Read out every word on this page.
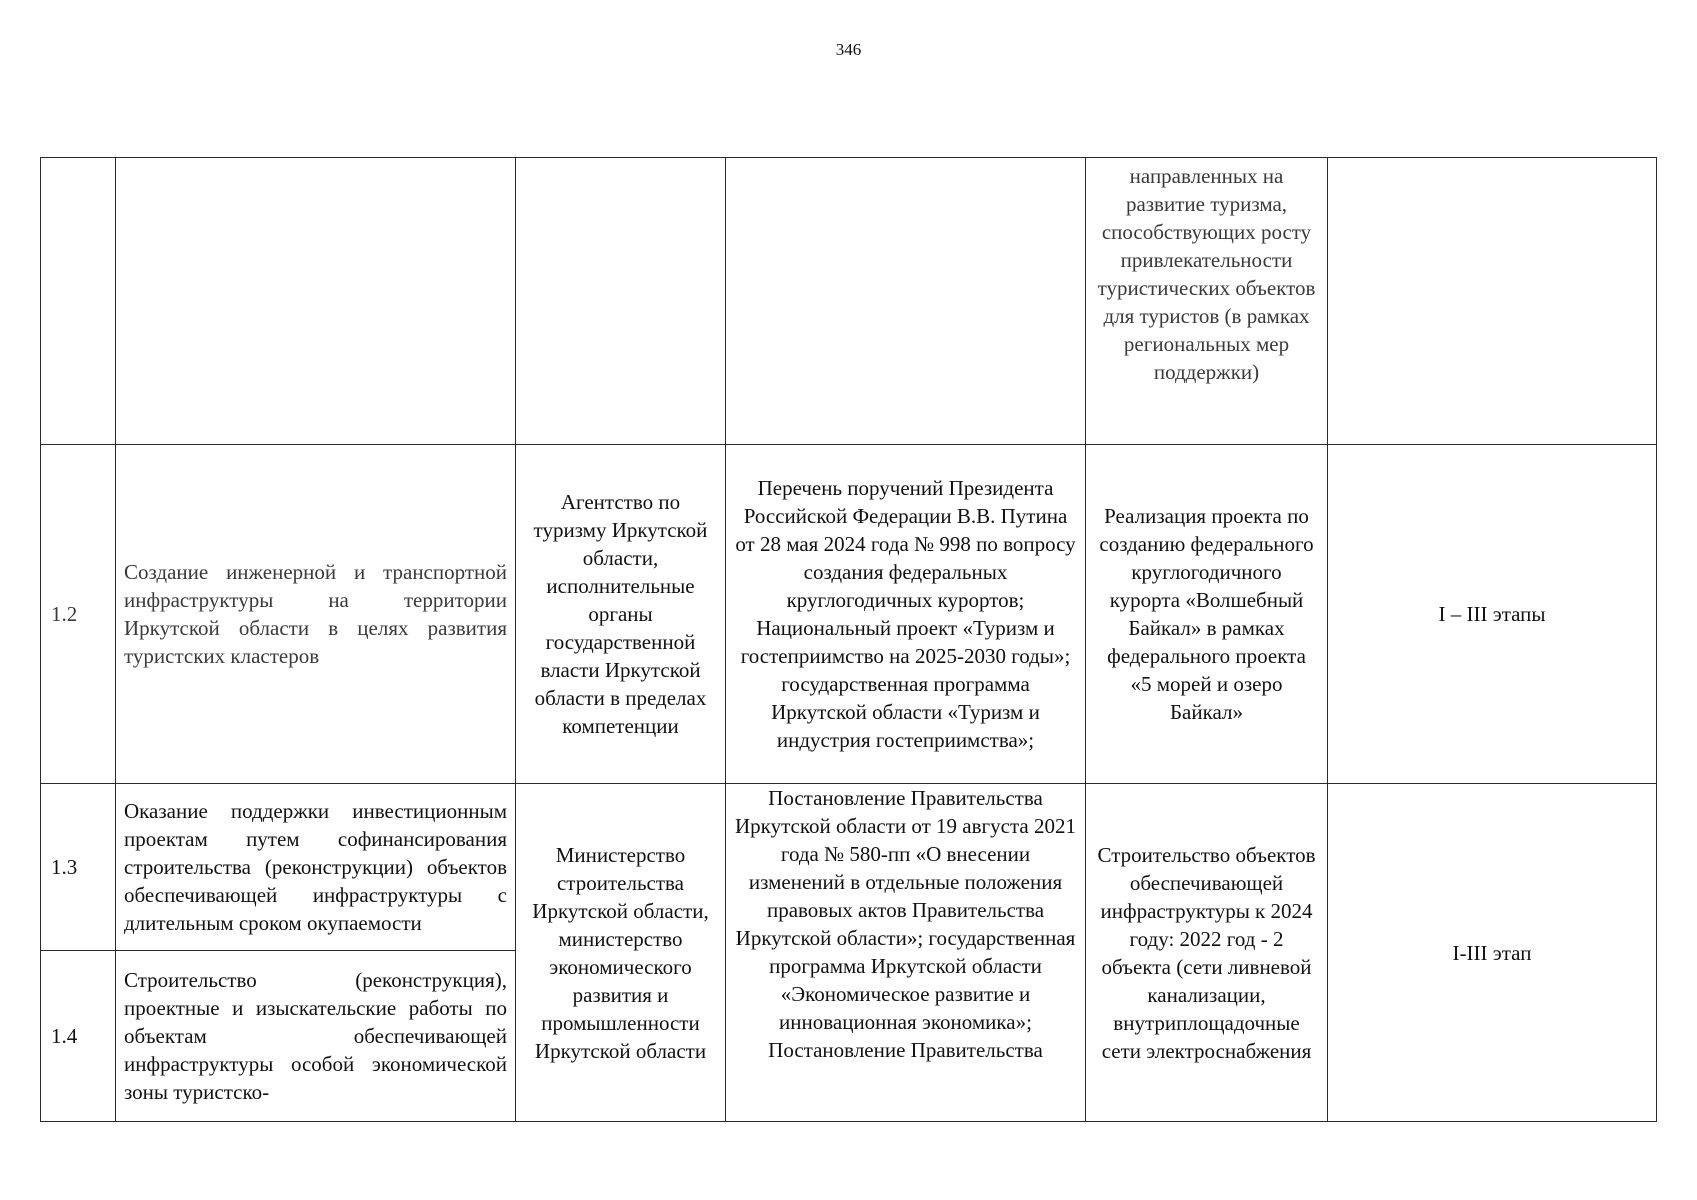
346
				направленных на развитие туризма, способствующих росту привлекательности туристических объектов для туристов (в рамках региональных мер поддержки)	
1.2	Создание инженерной и транспортной инфраструктуры на территории Иркутской области в целях развития туристских кластеров	Агентство по туризму Иркутской области, исполнительные органы государственной власти Иркутской области в пределах компетенции	Перечень поручений Президента Российской Федерации В.В. Путина от 28 мая 2024 года № 998 по вопросу создания федеральных круглогодичных курортов; Национальный проект «Туризм и гостеприимство на 2025-2030 годы»; государственная программа Иркутской области «Туризм и индустрия гостеприимства»;	Реализация проекта по созданию федерального круглогодичного курорта «Волшебный Байкал» в рамках федерального проекта «5 морей и озеро Байкал»	I – III этапы
1.3	Оказание поддержки инвестиционным проектам путем софинансирования строительства (реконструкции) объектов обеспечивающей инфраструктуры с длительным сроком окупаемости	Министерство строительства Иркутской области, министерство экономического развития и промышленности Иркутской области	Постановление Правительства Иркутской области от 19 августа 2021 года № 580-пп «О внесении изменений в отдельные положения правовых актов Правительства Иркутской области»; государственная программа Иркутской области «Экономическое развитие и инновационная экономика»; Постановление Правительства	Строительство объектов обеспечивающей инфраструктуры к 2024 году: 2022 год - 2 объекта (сети ливневой канализации, внутриплощадочные сети электроснабжения	I-III этап
1.4	Строительство (реконструкция), проектные и изыскательские работы по объектам обеспечивающей инфраструктуры особой экономической зоны туристско-				
